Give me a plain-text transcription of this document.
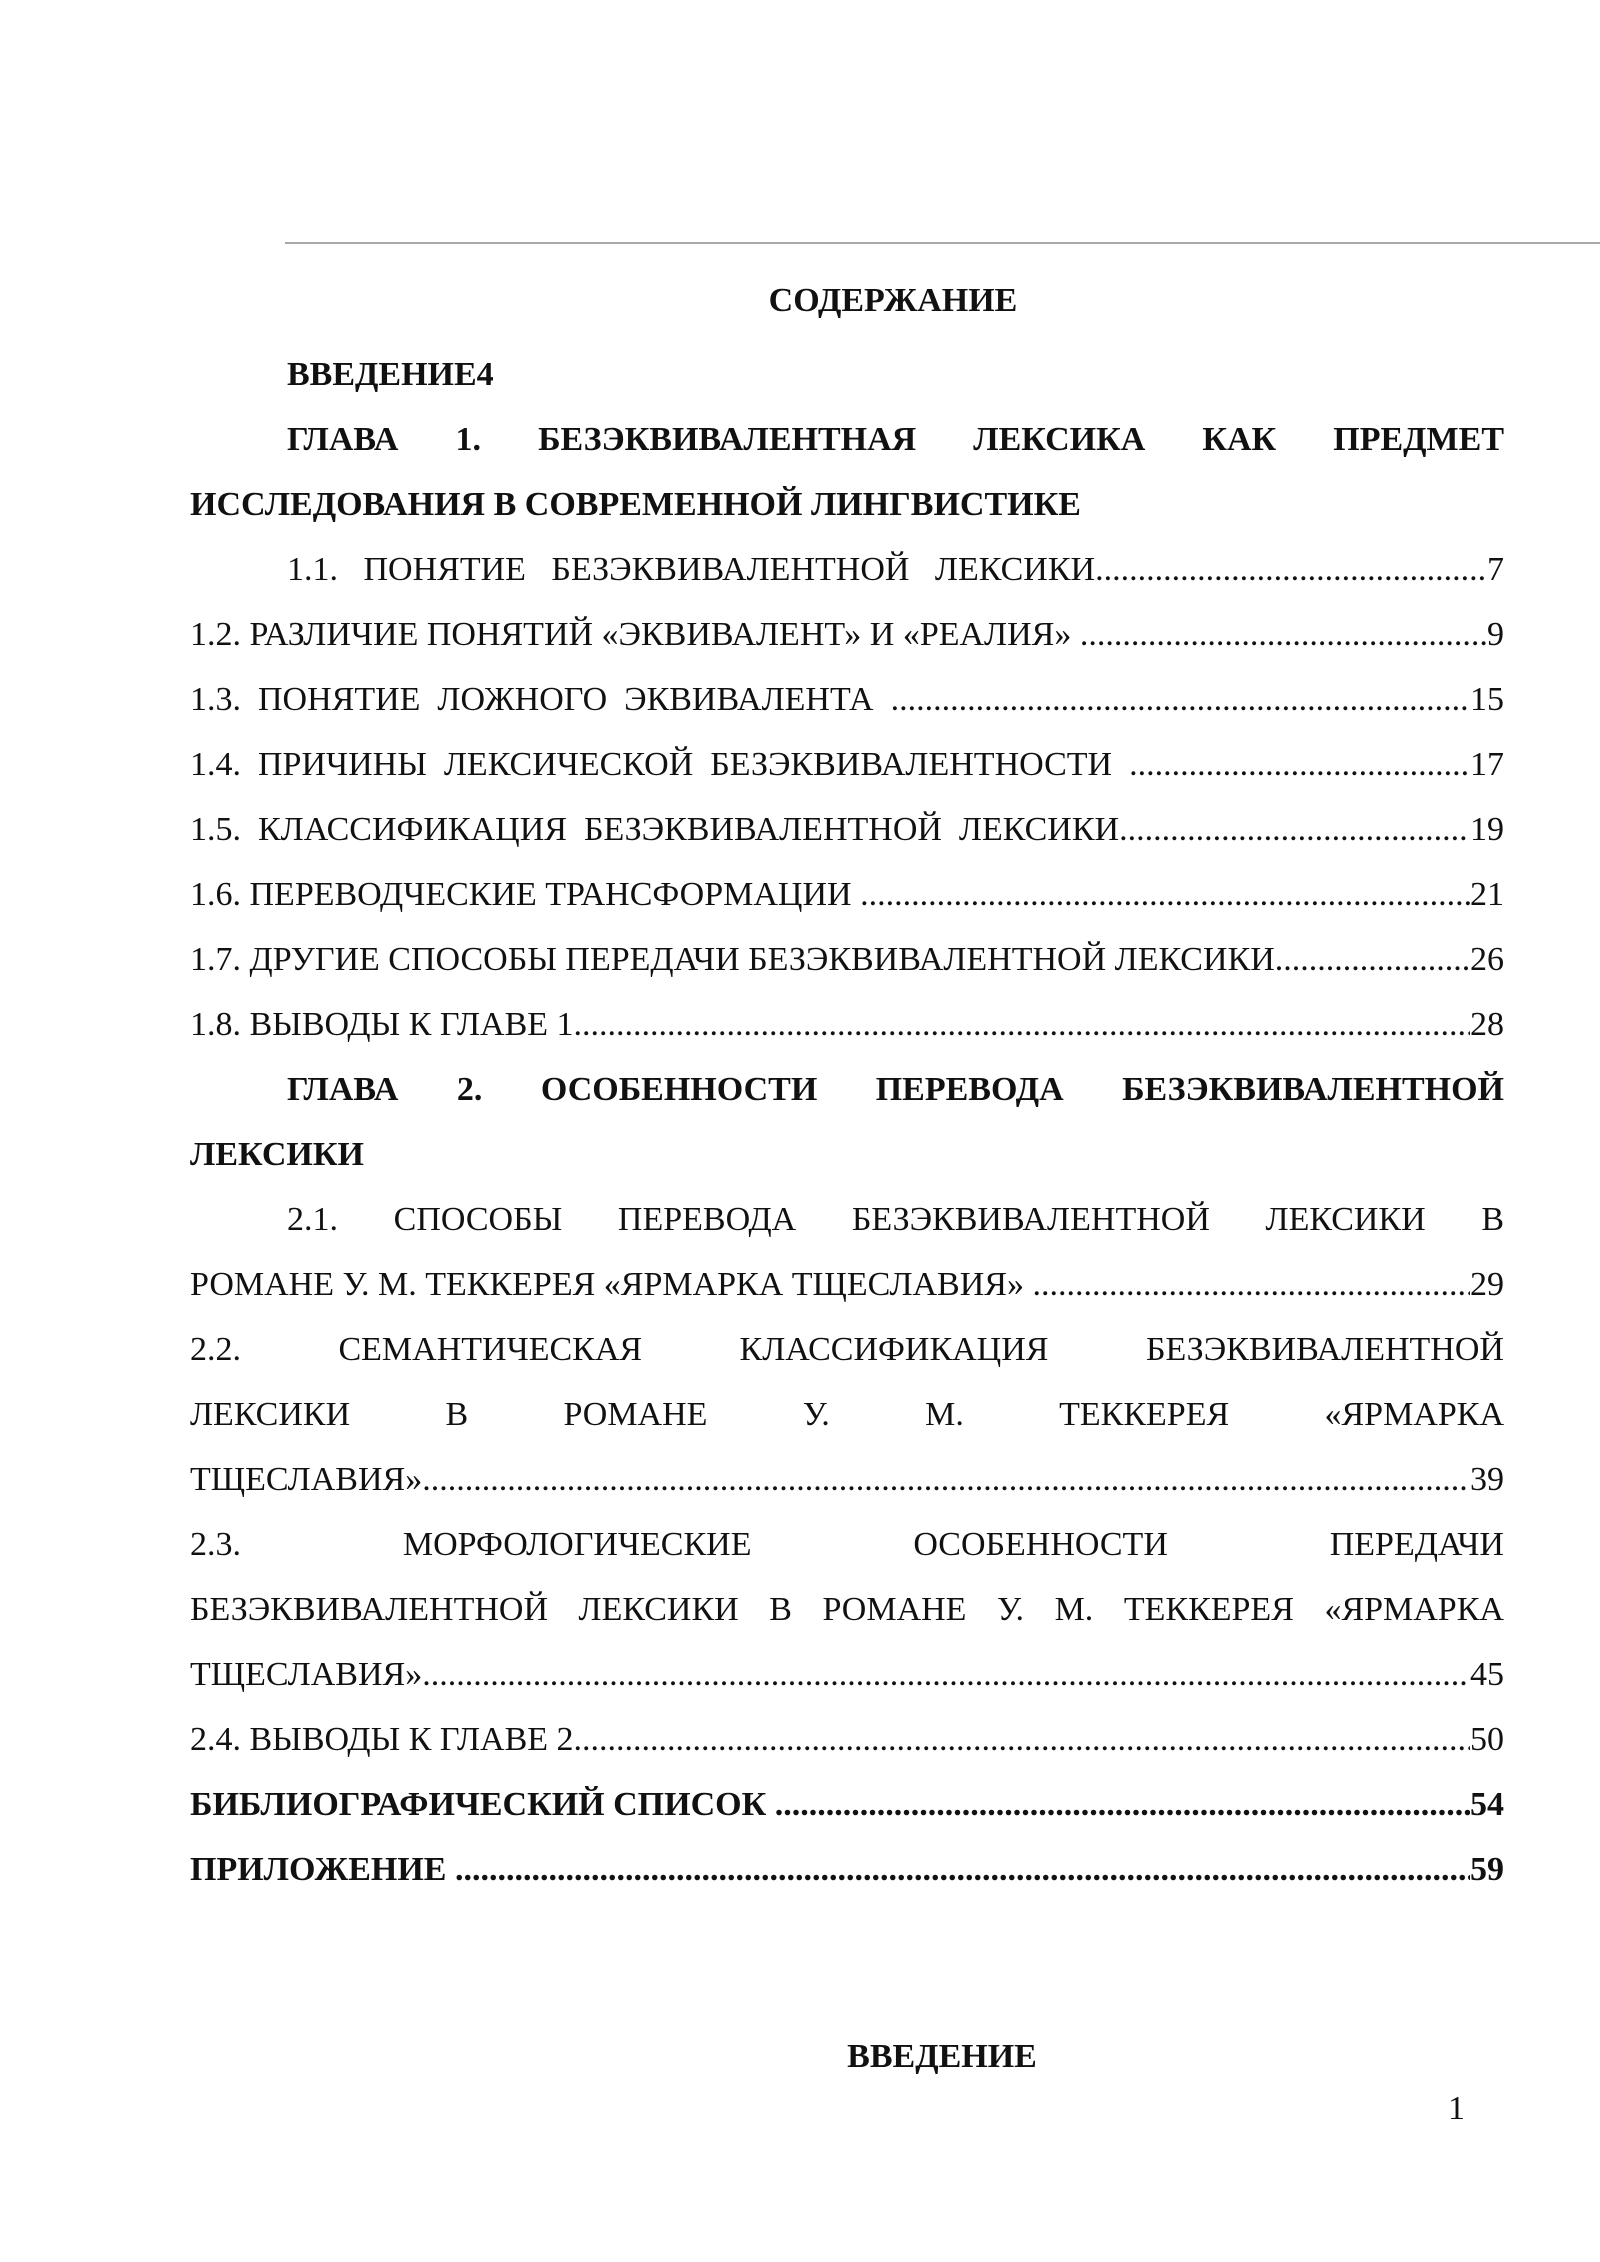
СОДЕРЖАНИЕ
ВВЕДЕНИЕ4
ГЛАВА 1. БЕЗЭКВИВАЛЕНТНАЯ ЛЕКСИКА КАК ПРЕДМЕТ
ИССЛЕДОВАНИЯ В СОВРЕМЕННОЙ ЛИНГВИСТИКЕ
1.1.   ПОНЯТИЕ   БЕЗЭКВИВАЛЕНТНОЙ   ЛЕКСИКИ .....	7
1.2. РАЗЛИЧИЕ ПОНЯТИЙ «ЭКВИВАЛЕНТ» И «РЕАЛИЯ» .....	9
1.3.  ПОНЯТИЕ  ЛОЖНОГО  ЭКВИВАЛЕНТА .....	15
1.4.  ПРИЧИНЫ  ЛЕКСИЧЕСКОЙ  БЕЗЭКВИВАЛЕНТНОСТИ .....	17
1.5.  КЛАССИФИКАЦИЯ  БЕЗЭКВИВАЛЕНТНОЙ  ЛЕКСИКИ .....	19
1.6. ПЕРЕВОДЧЕСКИЕ ТРАНСФОРМАЦИИ .....	21
1.7. ДРУГИЕ СПОСОБЫ ПЕРЕДАЧИ БЕЗЭКВИВАЛЕНТНОЙ ЛЕКСИКИ .....	26
1.8. ВЫВОДЫ К ГЛАВЕ 1 .....	28
ГЛАВА 2. ОСОБЕННОСТИ ПЕРЕВОДА БЕЗЭКВИВАЛЕНТНОЙ
ЛЕКСИКИ
2.1. СПОСОБЫ ПЕРЕВОДА БЕЗЭКВИВАЛЕНТНОЙ ЛЕКСИКИ В
РОМАНЕ У. М. ТЕККЕРЕЯ «ЯРМАРКА ТЩЕСЛАВИЯ» .....	29
2.2.	СЕМАНТИЧЕСКАЯ	КЛАССИФИКАЦИЯ	БЕЗЭКВИВАЛЕНТНОЙ
ЛЕКСИКИ	В	РОМАНЕ	У.	М.	ТЕККЕРЕЯ	«ЯРМАРКА
ТЩЕСЛАВИЯ» .....	39
2.3.	МОРФОЛОГИЧЕСКИЕ	ОСОБЕННОСТИ	ПЕРЕДАЧИ
БЕЗЭКВИВАЛЕНТНОЙ ЛЕКСИКИ В РОМАНЕ У. М. ТЕККЕРЕЯ «ЯРМАРКА
ТЩЕСЛАВИЯ» .....	45
2.4. ВЫВОДЫ К ГЛАВЕ 2 .....	50
БИБЛИОГРАФИЧЕСКИЙ СПИСОК .....	54
ПРИЛОЖЕНИЕ .....	59
ВВЕДЕНИЕ
1
